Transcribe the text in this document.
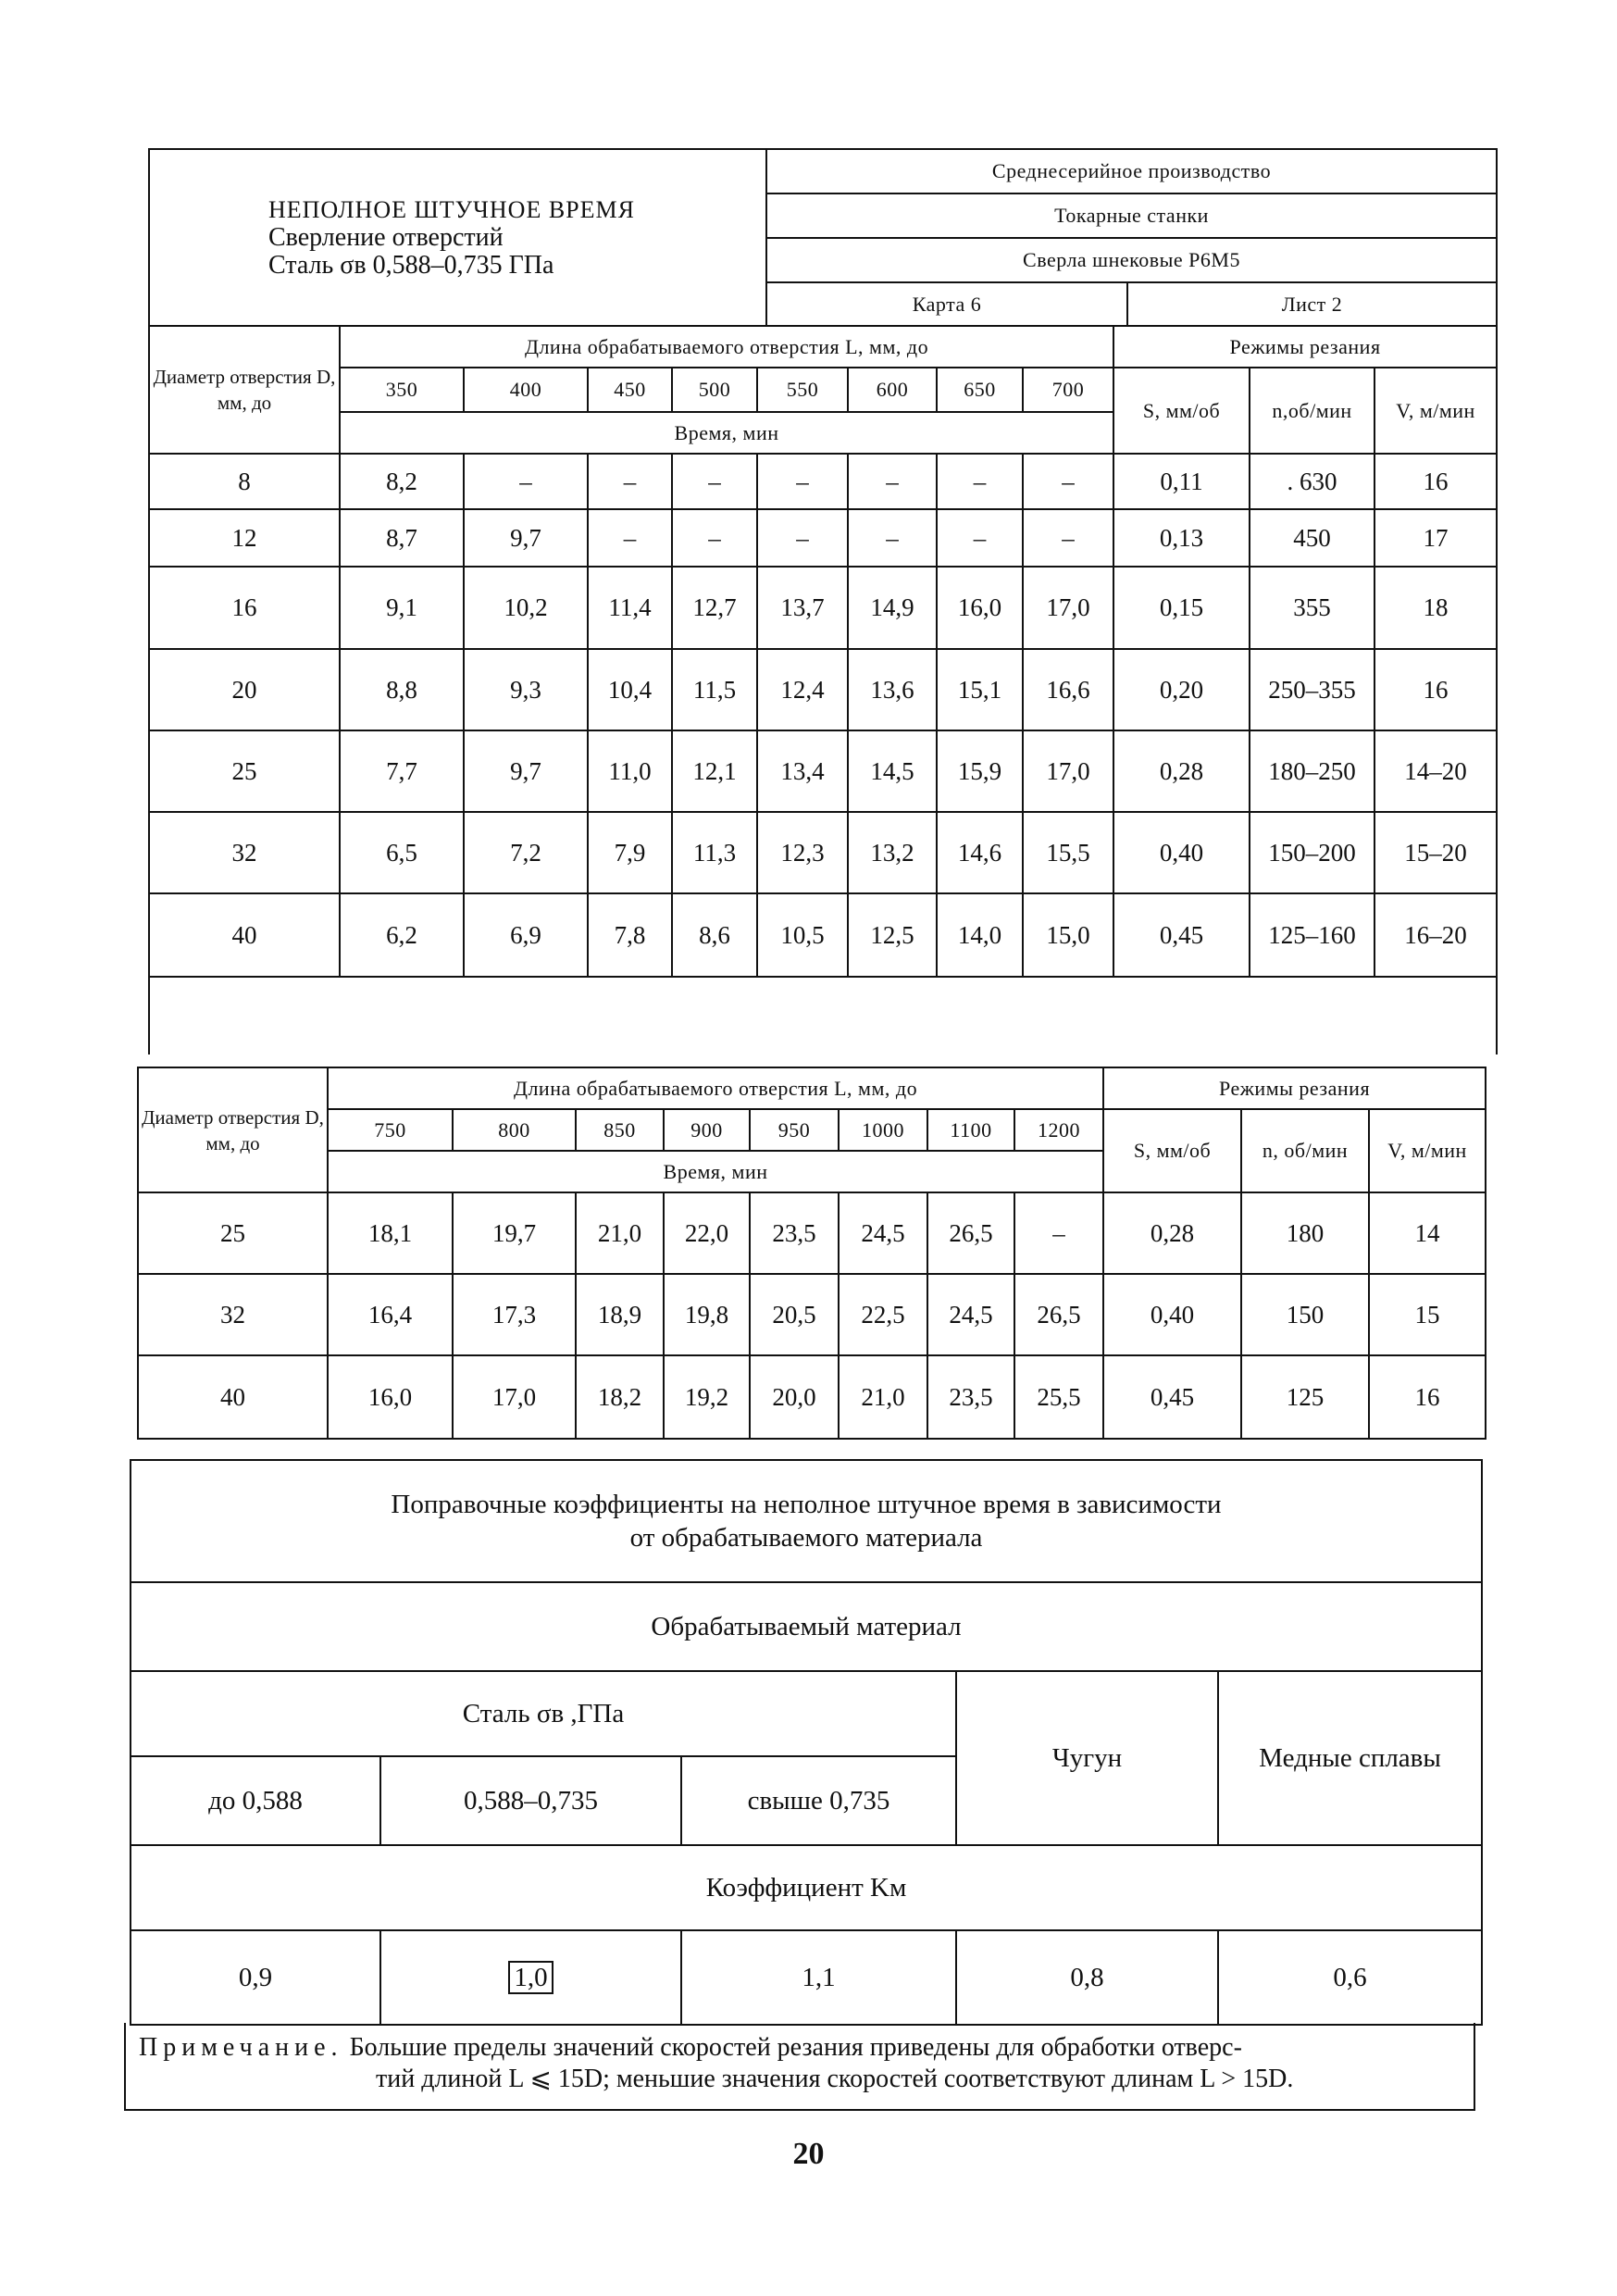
НЕПОЛНОЕ ШТУЧНОЕ ВРЕМЯ
Сверление отверстий
Сталь σв 0,588–0,735 ГПа	Среднесерийное производство	
	Токарные станки	
	Сверла шнековые Р6М5	
	Карта 6	Лист 2
Диаметр отверстия D, мм, до	Длина обрабатываемого отверстия L, мм, до								Режимы резания		
	350	400	450	500	550	600	650	700	S, мм/об	n,об/мин	V, м/мин
	Время, мин										
8	8,2	–	–	–	–	–	–	–	0,11	. 630	16
12	8,7	9,7	–	–	–	–	–	–	0,13	450	17
16	9,1	10,2	11,4	12,7	13,7	14,9	16,0	17,0	0,15	355	18
20	8,8	9,3	10,4	11,5	12,4	13,6	15,1	16,6	0,20	250–355	16
25	7,7	9,7	11,0	12,1	13,4	14,5	15,9	17,0	0,28	180–250	14–20
32	6,5	7,2	7,9	11,3	12,3	13,2	14,6	15,5	0,40	150–200	15–20
40	6,2	6,9	7,8	8,6	10,5	12,5	14,0	15,0	0,45	125–160	16–20

Диаметр отверстия D, мм, до	Длина обрабатываемого отверстия L, мм, до								Режимы резания		
	750	800	850	900	950	1000	1100	1200	S, мм/об	n, об/мин	V, м/мин
	Время, мин										
25	18,1	19,7	21,0	22,0	23,5	24,5	26,5	–	0,28	180	14
32	16,4	17,3	18,9	19,8	20,5	22,5	24,5	26,5	0,40	150	15
40	16,0	17,0	18,2	19,2	20,0	21,0	23,5	25,5	0,45	125	16
Поправочные коэффициенты на неполное штучное время в зависимости
от обрабатываемого материала				

Обрабатываемый материал				
Сталь σв ,ГПа			Чугун	Медные сплавы
до 0,588	0,588–0,735	свыше 0,735		
Коэффициент Kм				
0,9	1,0	1,1	0,8	0,6
Примечание. Большие пределы значений скоростей резания приведены для обработки отверс-
тий длиной L ⩽ 15D; меньшие значения скоростей соответствуют длинам L > 15D.
20
